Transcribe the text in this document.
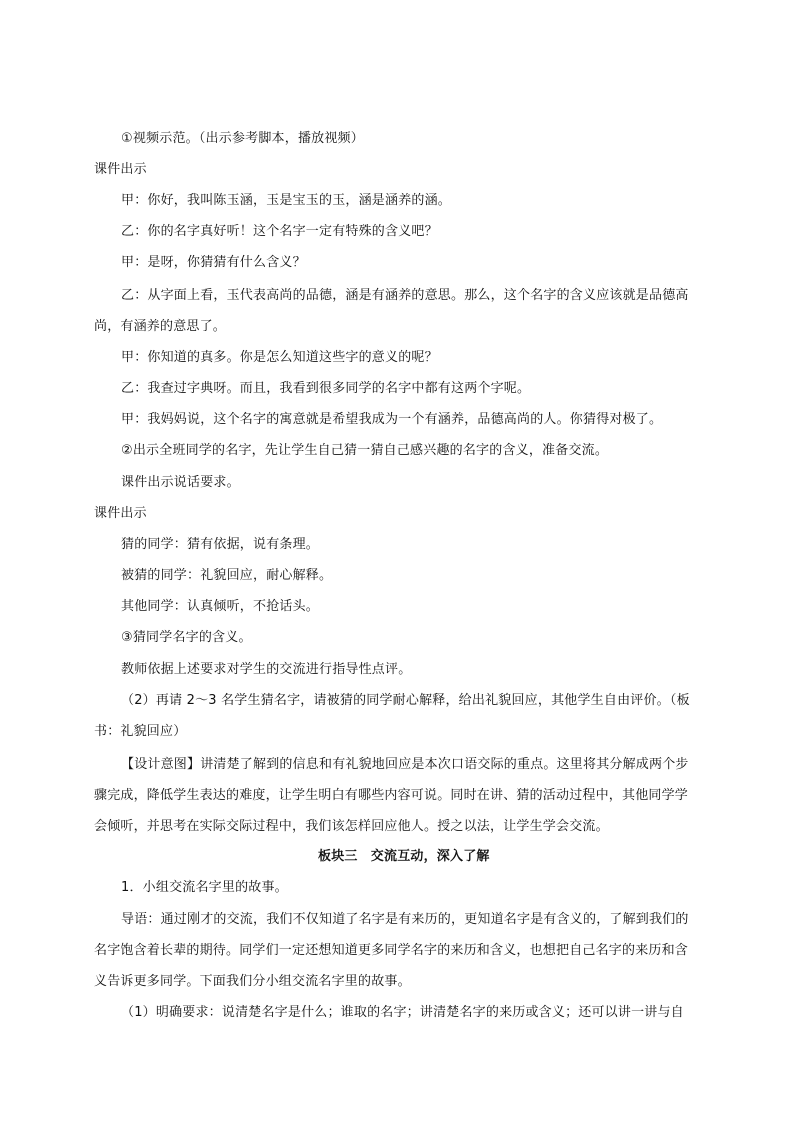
①视频示范。（出示参考脚本，播放视频）
课件出示
甲：你好，我叫陈玉涵，玉是宝玉的玉，涵是涵养的涵。
乙：你的名字真好听！这个名字一定有特殊的含义吧？
甲：是呀，你猜猜有什么含义？
乙：从字面上看，玉代表高尚的品德，涵是有涵养的意思。那么，这个名字的含义应该就是品德高
尚，有涵养的意思了。
甲：你知道的真多。你是怎么知道这些字的意义的呢？
乙：我查过字典呀。而且，我看到很多同学的名字中都有这两个字呢。
甲：我妈妈说，这个名字的寓意就是希望我成为一个有涵养，品德高尚的人。你猜得对极了。
②出示全班同学的名字，先让学生自己猜一猜自己感兴趣的名字的含义，准备交流。
课件出示说话要求。
课件出示
猜的同学：猜有依据，说有条理。
被猜的同学：礼貌回应，耐心解释。
其他同学：认真倾听，不抢话头。
③猜同学名字的含义。
教师依据上述要求对学生的交流进行指导性点评。
（2）再请 2～3 名学生猜名字，请被猜的同学耐心解释，给出礼貌回应，其他学生自由评价。（板
书：礼貌回应）
【设计意图】讲清楚了解到的信息和有礼貌地回应是本次口语交际的重点。这里将其分解成两个步
骤完成，降低学生表达的难度，让学生明白有哪些内容可说。同时在讲、猜的活动过程中，其他同学学
会倾听，并思考在实际交际过程中，我们该怎样回应他人。授之以法，让学生学会交流。
板块三　交流互动，深入了解
1．小组交流名字里的故事。
导语：通过刚才的交流，我们不仅知道了名字是有来历的，更知道名字是有含义的，了解到我们的
名字饱含着长辈的期待。同学们一定还想知道更多同学名字的来历和含义，也想把自己名字的来历和含
义告诉更多同学。下面我们分小组交流名字里的故事。
（1）明确要求：说清楚名字是什么；谁取的名字；讲清楚名字的来历或含义；还可以讲一讲与自
